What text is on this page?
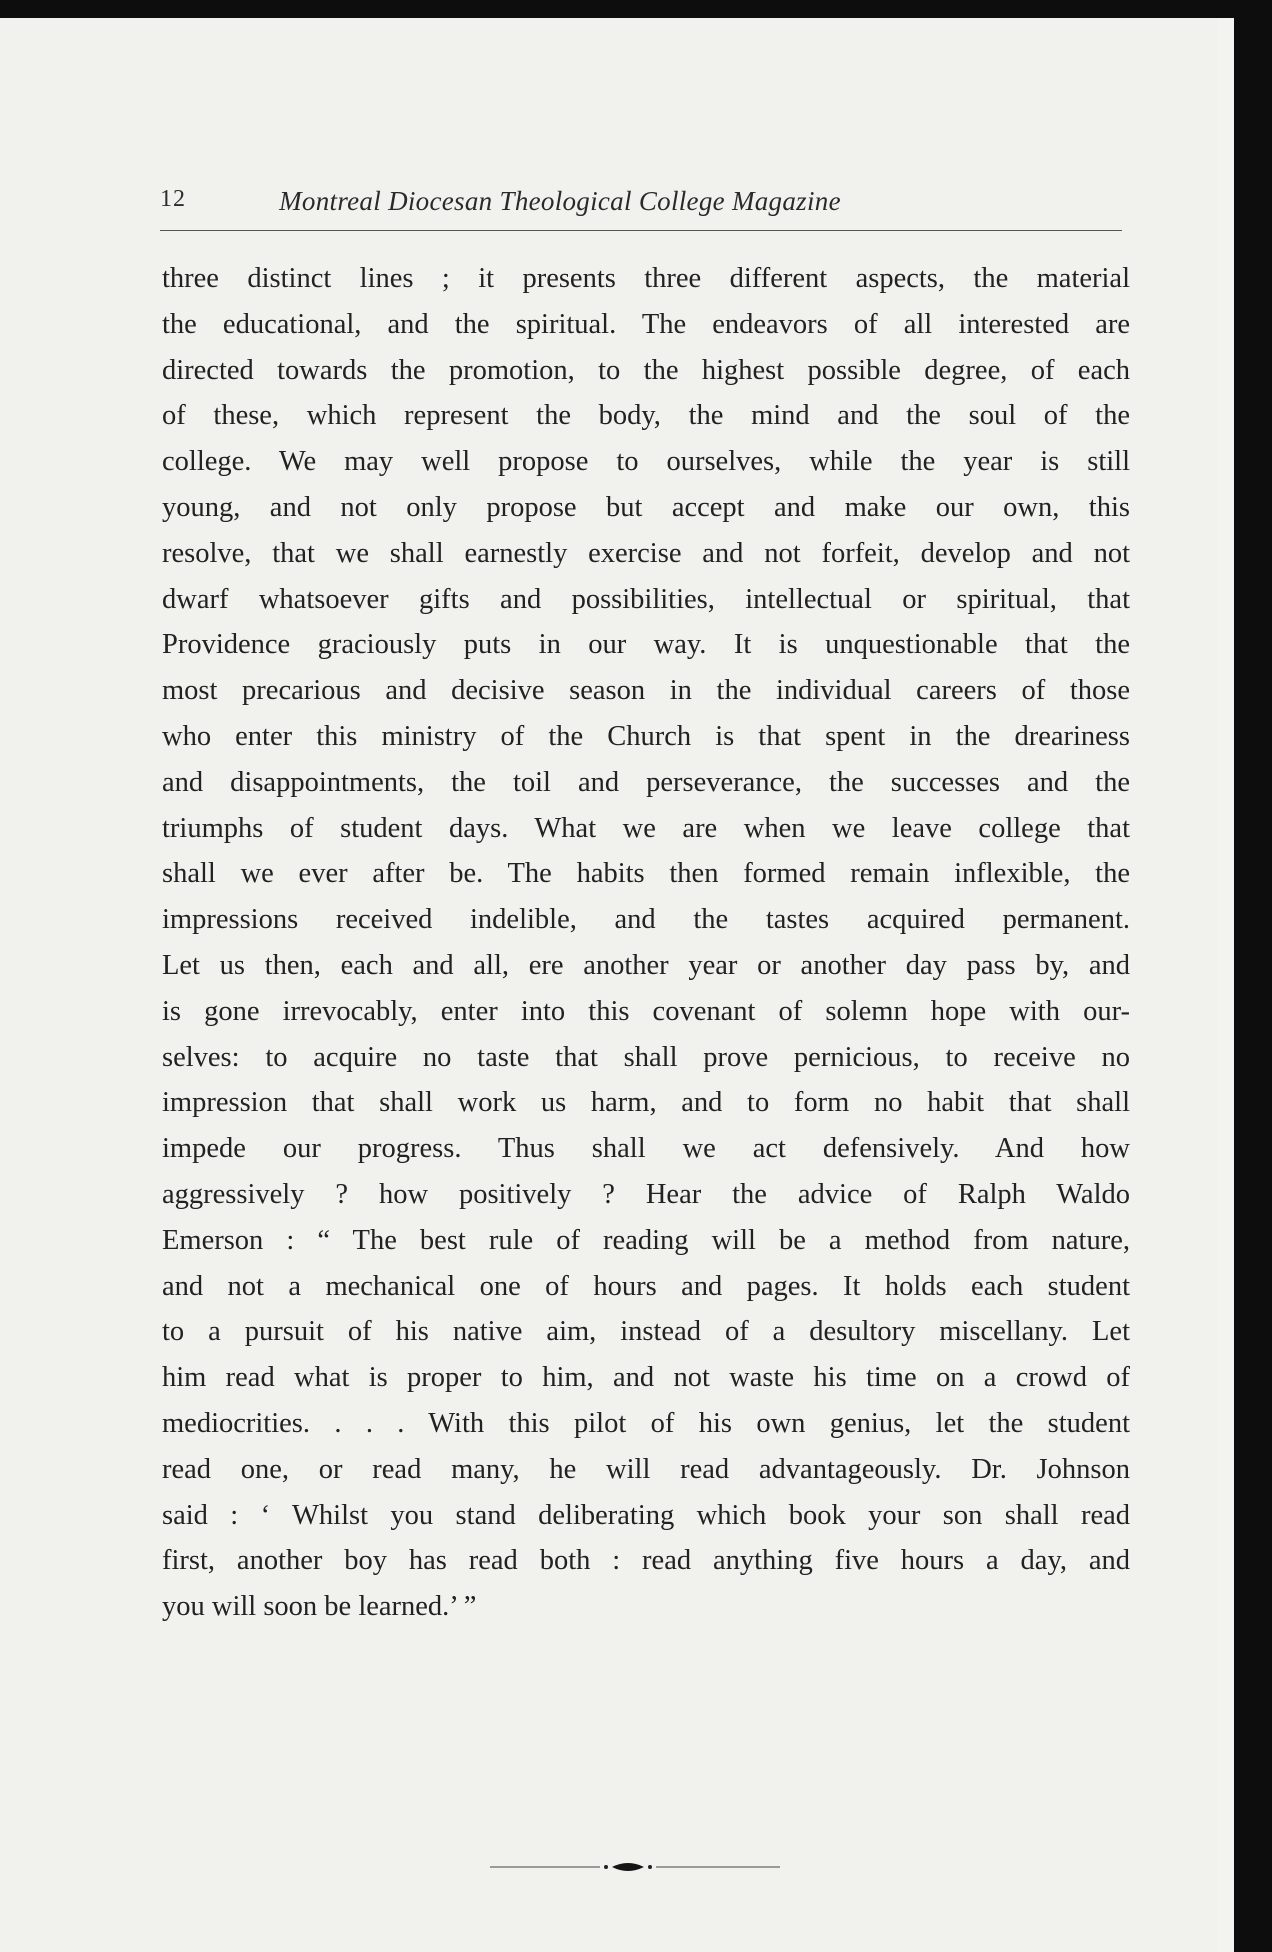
12	Montreal Diocesan Theological College Magazine
three distinct lines ; it presents three different aspects, the material
the educational, and the spiritual. The endeavors of all interested are
directed towards the promotion, to the highest possible degree, of each
of these, which represent the body, the mind and the soul of the
college. We may well propose to ourselves, while the year is still
young, and not only propose but accept and make our own, this
resolve, that we shall earnestly exercise and not forfeit, develop and not
dwarf whatsoever gifts and possibilities, intellectual or spiritual, that
Providence graciously puts in our way. It is unquestionable that the
most precarious and decisive season in the individual careers of those
who enter this ministry of the Church is that spent in the dreariness
and disappointments, the toil and perseverance, the successes and the
triumphs of student days. What we are when we leave college that
shall we ever after be. The habits then formed remain inflexible, the
impressions received indelible, and the tastes acquired permanent.
Let us then, each and all, ere another year or another day pass by, and
is gone irrevocably, enter into this covenant of solemn hope with our-
selves: to acquire no taste that shall prove pernicious, to receive no
impression that shall work us harm, and to form no habit that shall
impede our progress. Thus shall we act defensively. And how
aggressively ? how positively ? Hear the advice of Ralph Waldo
Emerson : “ The best rule of reading will be a method from nature,
and not a mechanical one of hours and pages. It holds each student
to a pursuit of his native aim, instead of a desultory miscellany. Let
him read what is proper to him, and not waste his time on a crowd of
mediocrities. . . . With this pilot of his own genius, let the student
read one, or read many, he will read advantageously. Dr. Johnson
said : ‘ Whilst you stand deliberating which book your son shall read
first, another boy has read both : read anything five hours a day, and
you will soon be learned.’ ”
